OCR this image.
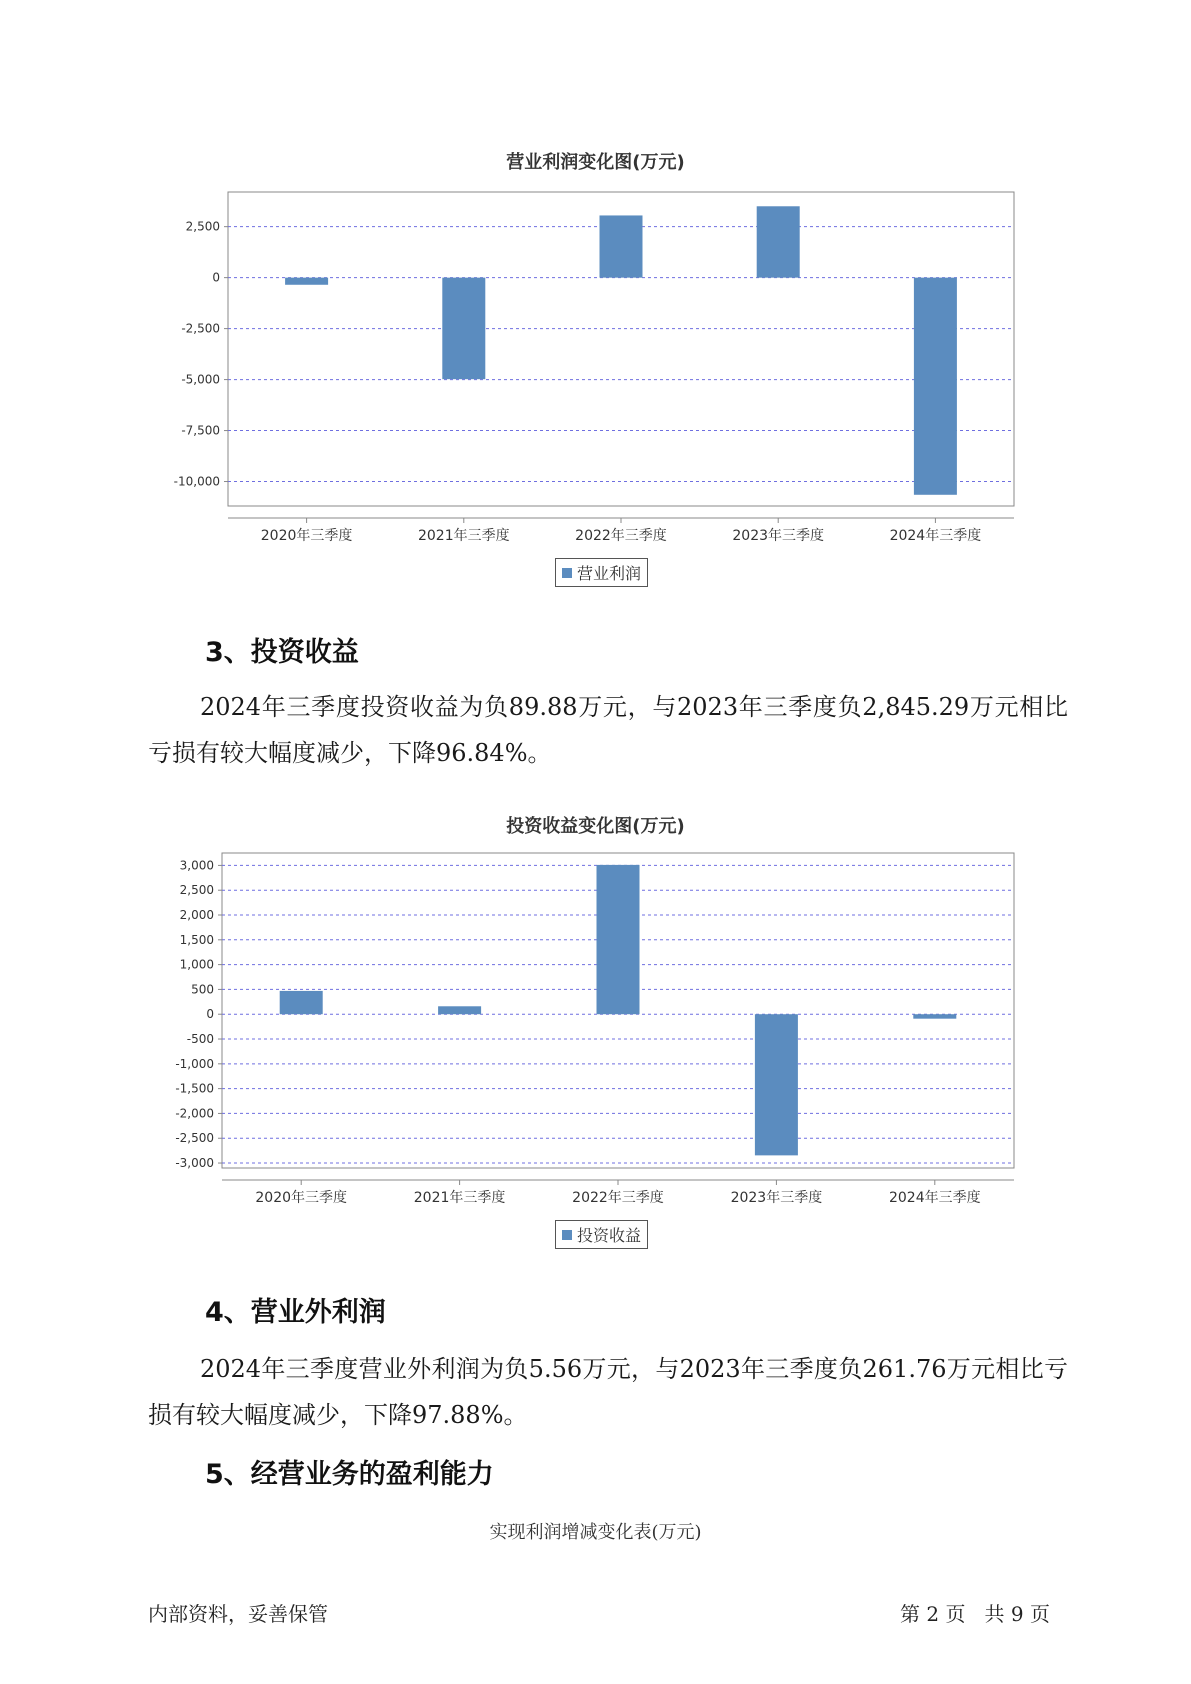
营业利润变化图(万元)
2,500
0
-2,500
-5,000
-7,500
-10,000
2020年三季度	2021年三季度	2022年三季度	2023年三季度	2024年三季度
营业利润
3、投资收益

2024年三季度投资收益为负89.88万元，与2023年三季度负2,845.29万元相比亏损有较大幅度减少，下降96.84%。

投资收益变化图(万元)
3,000
2,500
2,000
1,500
1,000
500
0
-500
-1,000
-1,500
-2,000
-2,500
-3,000
2020年三季度	2021年三季度	2022年三季度	2023年三季度	2024年三季度
投资收益
4、营业外利润

2024年三季度营业外利润为负5.56万元，与2023年三季度负261.76万元相比亏损有较大幅度减少，下降97.88%。

5、经营业务的盈利能力
实现利润增减变化表(万元)
内部资料，妥善保管	第 2 页   共 9 页
